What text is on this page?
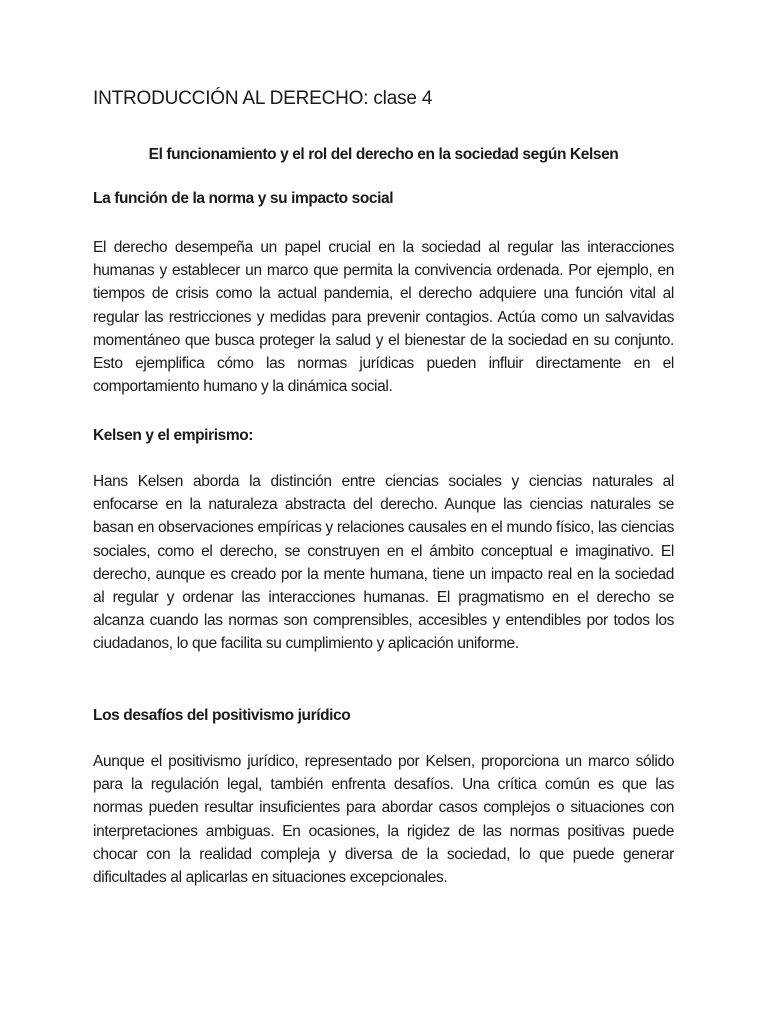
INTRODUCCIÓN AL DERECHO: clase 4
El funcionamiento y el rol del derecho en la sociedad según Kelsen
La función de la norma y su impacto social

El derecho desempeña un papel crucial en la sociedad al regular las interacciones humanas y establecer un marco que permita la convivencia ordenada. Por ejemplo, en tiempos de crisis como la actual pandemia, el derecho adquiere una función vital al regular las restricciones y medidas para prevenir contagios. Actúa como un salvavidas momentáneo que busca proteger la salud y el bienestar de la sociedad en su conjunto. Esto ejemplifica cómo las normas jurídicas pueden influir directamente en el comportamiento humano y la dinámica social.

Kelsen y el empirismo:

Hans Kelsen aborda la distinción entre ciencias sociales y ciencias naturales al enfocarse en la naturaleza abstracta del derecho. Aunque las ciencias naturales se basan en observaciones empíricas y relaciones causales en el mundo físico, las ciencias sociales, como el derecho, se construyen en el ámbito conceptual e imaginativo. El derecho, aunque es creado por la mente humana, tiene un impacto real en la sociedad al regular y ordenar las interacciones humanas. El pragmatismo en el derecho se alcanza cuando las normas son comprensibles, accesibles y entendibles por todos los ciudadanos, lo que facilita su cumplimiento y aplicación uniforme.

Los desafíos del positivismo jurídico

Aunque el positivismo jurídico, representado por Kelsen, proporciona un marco sólido para la regulación legal, también enfrenta desafíos. Una crítica común es que las normas pueden resultar insuficientes para abordar casos complejos o situaciones con interpretaciones ambiguas. En ocasiones, la rigidez de las normas positivas puede chocar con la realidad compleja y diversa de la sociedad, lo que puede generar dificultades al aplicarlas en situaciones excepcionales.
